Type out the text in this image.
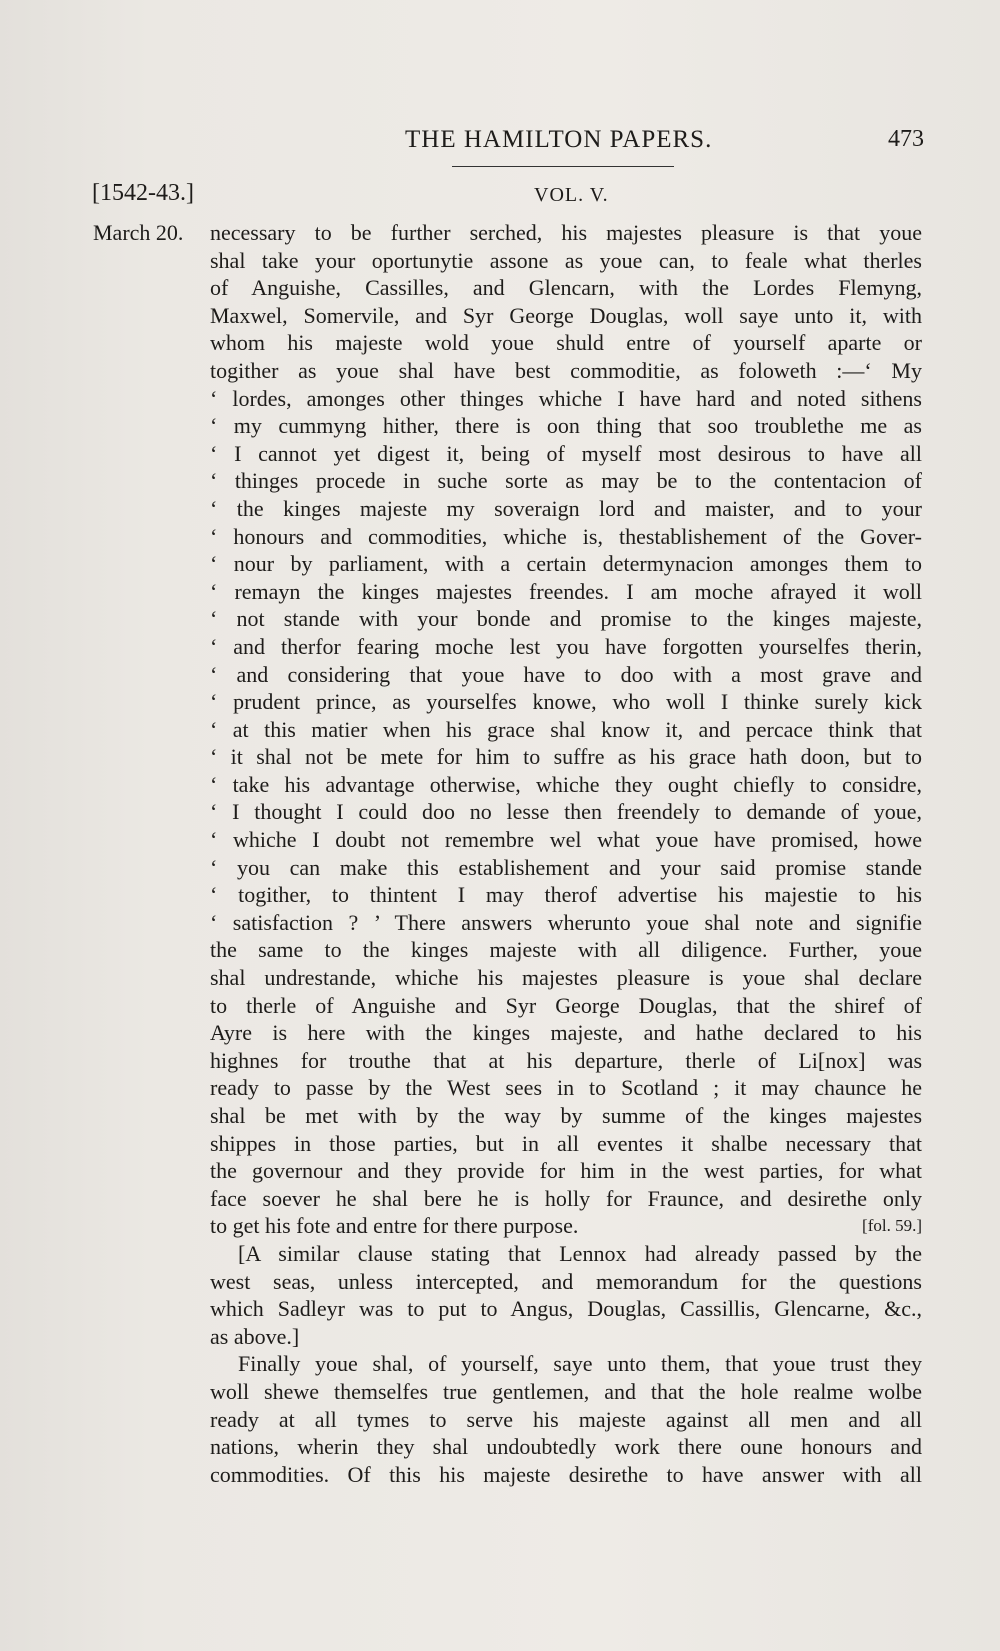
THE HAMILTON PAPERS.	473
[1542-43.]	VOL. V.
March 20. necessary to be further serched, his majestes pleasure is that youe
shal take your oportunytie assone as youe can, to feale what therles
of Anguishe, Cassilles, and Glencarn, with the Lordes Flemyng,
Maxwel, Somervile, and Syr George Douglas, woll saye unto it, with
whom his majeste wold youe shuld entre of yourself aparte or
togither as youe shal have best commoditie, as foloweth :—‘ My
‘ lordes, amonges other thinges whiche I have hard and noted sithens
‘ my cummyng hither, there is oon thing that soo troublethe me as
‘ I cannot yet digest it, being of myself most desirous to have all
‘ thinges procede in suche sorte as may be to the contentacion of
‘ the kinges majeste my soveraign lord and maister, and to your
‘ honours and commodities, whiche is, thestablishement of the Gover-
‘ nour by parliament, with a certain determynacion amonges them to
‘ remayn the kinges majestes freendes. I am moche afrayed it woll
‘ not stande with your bonde and promise to the kinges majeste,
‘ and therfor fearing moche lest you have forgotten yourselfes therin,
‘ and considering that youe have to doo with a most grave and
‘ prudent prince, as yourselfes knowe, who woll I thinke surely kick
‘ at this matier when his grace shal know it, and percace think that
‘ it shal not be mete for him to suffre as his grace hath doon, but to
‘ take his advantage otherwise, whiche they ought chiefly to considre,
‘ I thought I could doo no lesse then freendely to demande of youe,
‘ whiche I doubt not remembre wel what youe have promised, howe
‘ you can make this establishement and your said promise stande
‘ togither, to thintent I may therof advertise his majestie to his
‘ satisfaction ? ’ There answers wherunto youe shal note and signifie
the same to the kinges majeste with all diligence. Further, youe
shal undrestande, whiche his majestes pleasure is youe shal declare
to therle of Anguishe and Syr George Douglas, that the shiref of
Ayre is here with the kinges majeste, and hathe declared to his
highnes for trouthe that at his departure, therle of Li[nox] was
ready to passe by the West sees in to Scotland ; it may chaunce he
shal be met with by the way by summe of the kinges majestes
shippes in those parties, but in all eventes it shalbe necessary that
the governour and they provide for him in the west parties, for what
face soever he shal bere he is holly for Fraunce, and desirethe only
to get his fote and entre for there purpose.	[fol. 59.]
[A similar clause stating that Lennox had already passed by the
west seas, unless intercepted, and memorandum for the questions
which Sadleyr was to put to Angus, Douglas, Cassillis, Glencarne, &c.,
as above.]
Finally youe shal, of yourself, saye unto them, that youe trust they
woll shewe themselfes true gentlemen, and that the hole realme wolbe
ready at all tymes to serve his majeste against all men and all
nations, wherin they shal undoubtedly work there oune honours and
commodities. Of this his majeste desirethe to have answer with all
